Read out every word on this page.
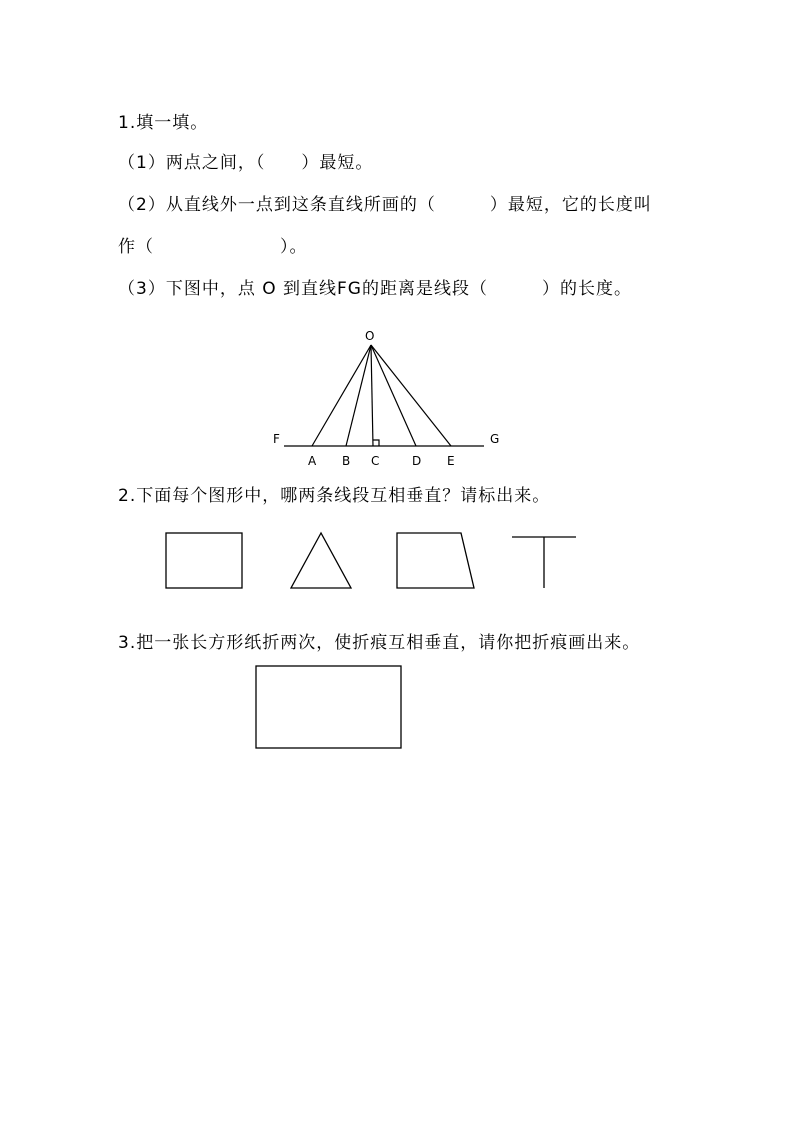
1.填一填。
（1）两点之间，（　　）最短。
（2）从直线外一点到这条直线所画的（　　　）最短，它的长度叫
作（　　　　　　　）。
（3）下图中，点 O 到直线FG的距离是线段（　　　）的长度。
O
F	G
A B C	D E
2.下面每个图形中，哪两条线段互相垂直？请标出来。
3.把一张长方形纸折两次，使折痕互相垂直，请你把折痕画出来。
